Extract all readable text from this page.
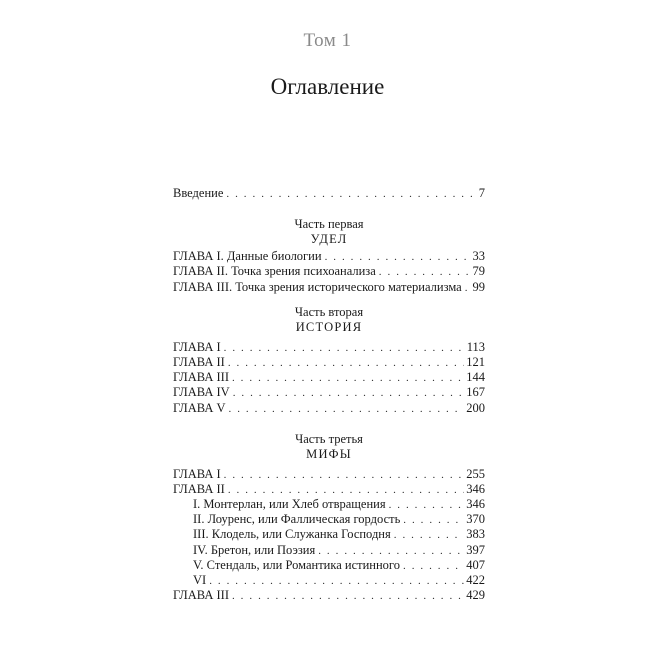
Том 1
Оглавление
Введение . . .	7
Часть первая
УДЕЛ
ГЛАВА I. Данные биологии . . .	33
ГЛАВА II. Точка зрения психоанализа . . .	79
ГЛАВА III. Точка зрения исторического материализма . . . 99
Часть вторая
ИСТОРИЯ
ГЛАВА I . . .	113
ГЛАВА II . . .	121
ГЛАВА III . . .	144
ГЛАВА IV . . .	167
ГЛАВА V . . .	200
Часть третья
МИФЫ
ГЛАВА I . . .	255
ГЛАВА II . . .	346
I. Монтерлан, или Хлеб отвращения . . .	346
II. Лоуренс, или Фаллическая гордость . . .	370
III. Клодель, или Служанка Господня . . .	383
IV. Бретон, или Поэзия . . .	397
V. Стендаль, или Романтика истинного . . .	407
VI . . .	422
ГЛАВА III . . .	429
